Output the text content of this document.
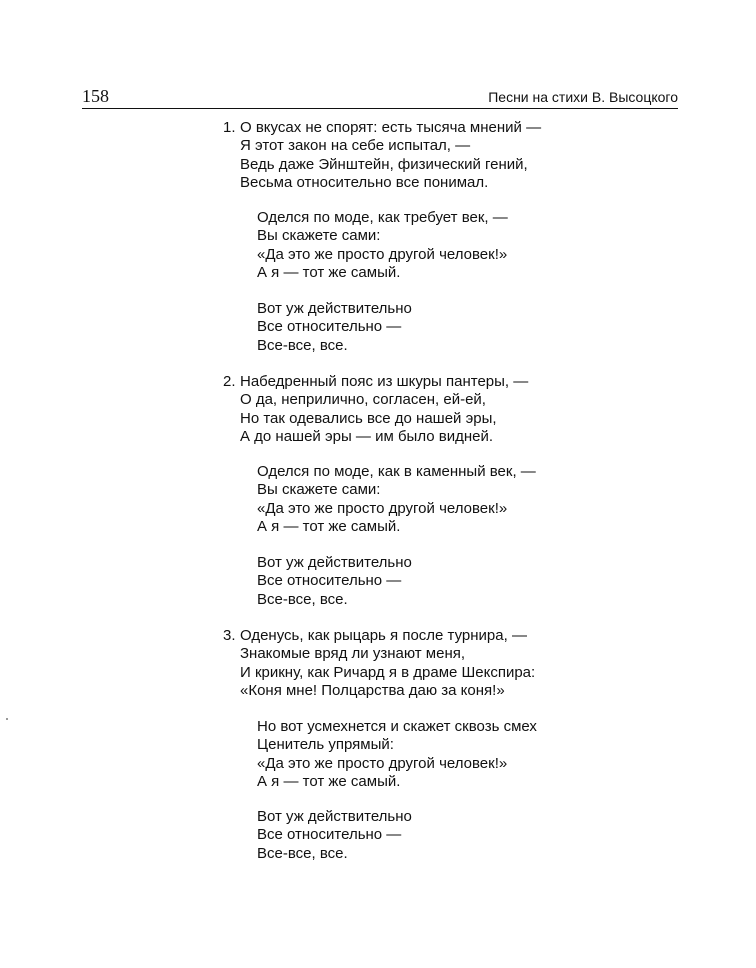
158	Песни на стихи В. Высоцкого
1. О вкусах не спорят: есть тысяча мнений —
Я этот закон на себе испытал, —
Ведь даже Эйнштейн, физический гений,
Весьма относительно все понимал.
Оделся по моде, как требует век, —
Вы скажете сами:
«Да это же просто другой человек!»
А я — тот же самый.
Вот уж действительно
Все относительно —
Все-все, все.
2. Набедренный пояс из шкуры пантеры, —
О да, неприлично, согласен, ей-ей,
Но так одевались все до нашей эры,
А до нашей эры — им было видней.
Оделся по моде, как в каменный век, —
Вы скажете сами:
«Да это же просто другой человек!»
А я — тот же самый.
Вот уж действительно
Все относительно —
Все-все, все.
3. Оденусь, как рыцарь я после турнира, —
Знакомые вряд ли узнают меня,
И крикну, как Ричард я в драме Шекспира:
«Коня мне! Полцарства даю за коня!»
Но вот усмехнется и скажет сквозь смех
Ценитель упрямый:
«Да это же просто другой человек!»
А я — тот же самый.
Вот уж действительно
Все относительно —
Все-все, все.
